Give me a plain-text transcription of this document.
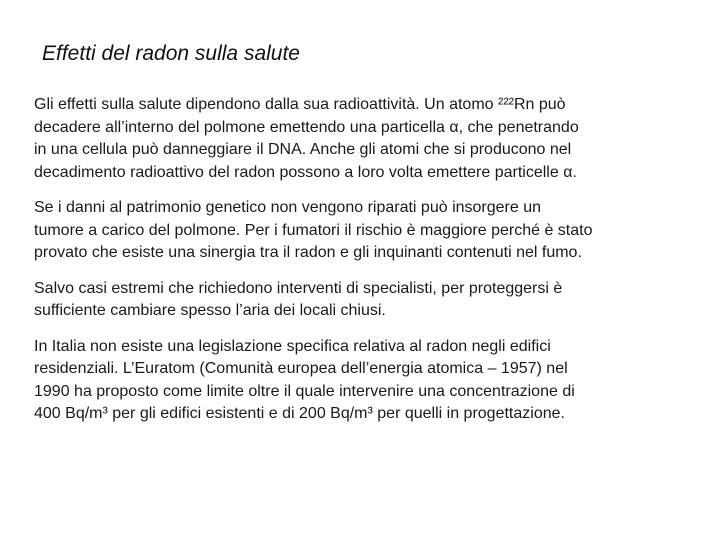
Effetti del radon sulla salute

Gli effetti sulla salute dipendono dalla sua radioattività. Un atomo ²²²Rn può
decadere all’interno del polmone emettendo una particella α, che penetrando
in una cellula può danneggiare il DNA. Anche gli atomi che si producono nel
decadimento radioattivo del radon possono a loro volta emettere particelle α.

Se i danni al patrimonio genetico non vengono riparati può insorgere un
tumore a carico del polmone. Per i fumatori il rischio è maggiore perché è stato
provato che esiste una sinergia tra il radon e gli inquinanti contenuti nel fumo.

Salvo casi estremi che richiedono interventi di specialisti, per proteggersi è
sufficiente cambiare spesso l’aria dei locali chiusi.

In Italia non esiste una legislazione specifica relativa al radon negli edifici
residenziali. L’Euratom (Comunità europea dell’energia atomica – 1957) nel
1990 ha proposto come limite oltre il quale intervenire una concentrazione di
400 Bq/m³ per gli edifici esistenti e di 200 Bq/m³ per quelli in progettazione.
